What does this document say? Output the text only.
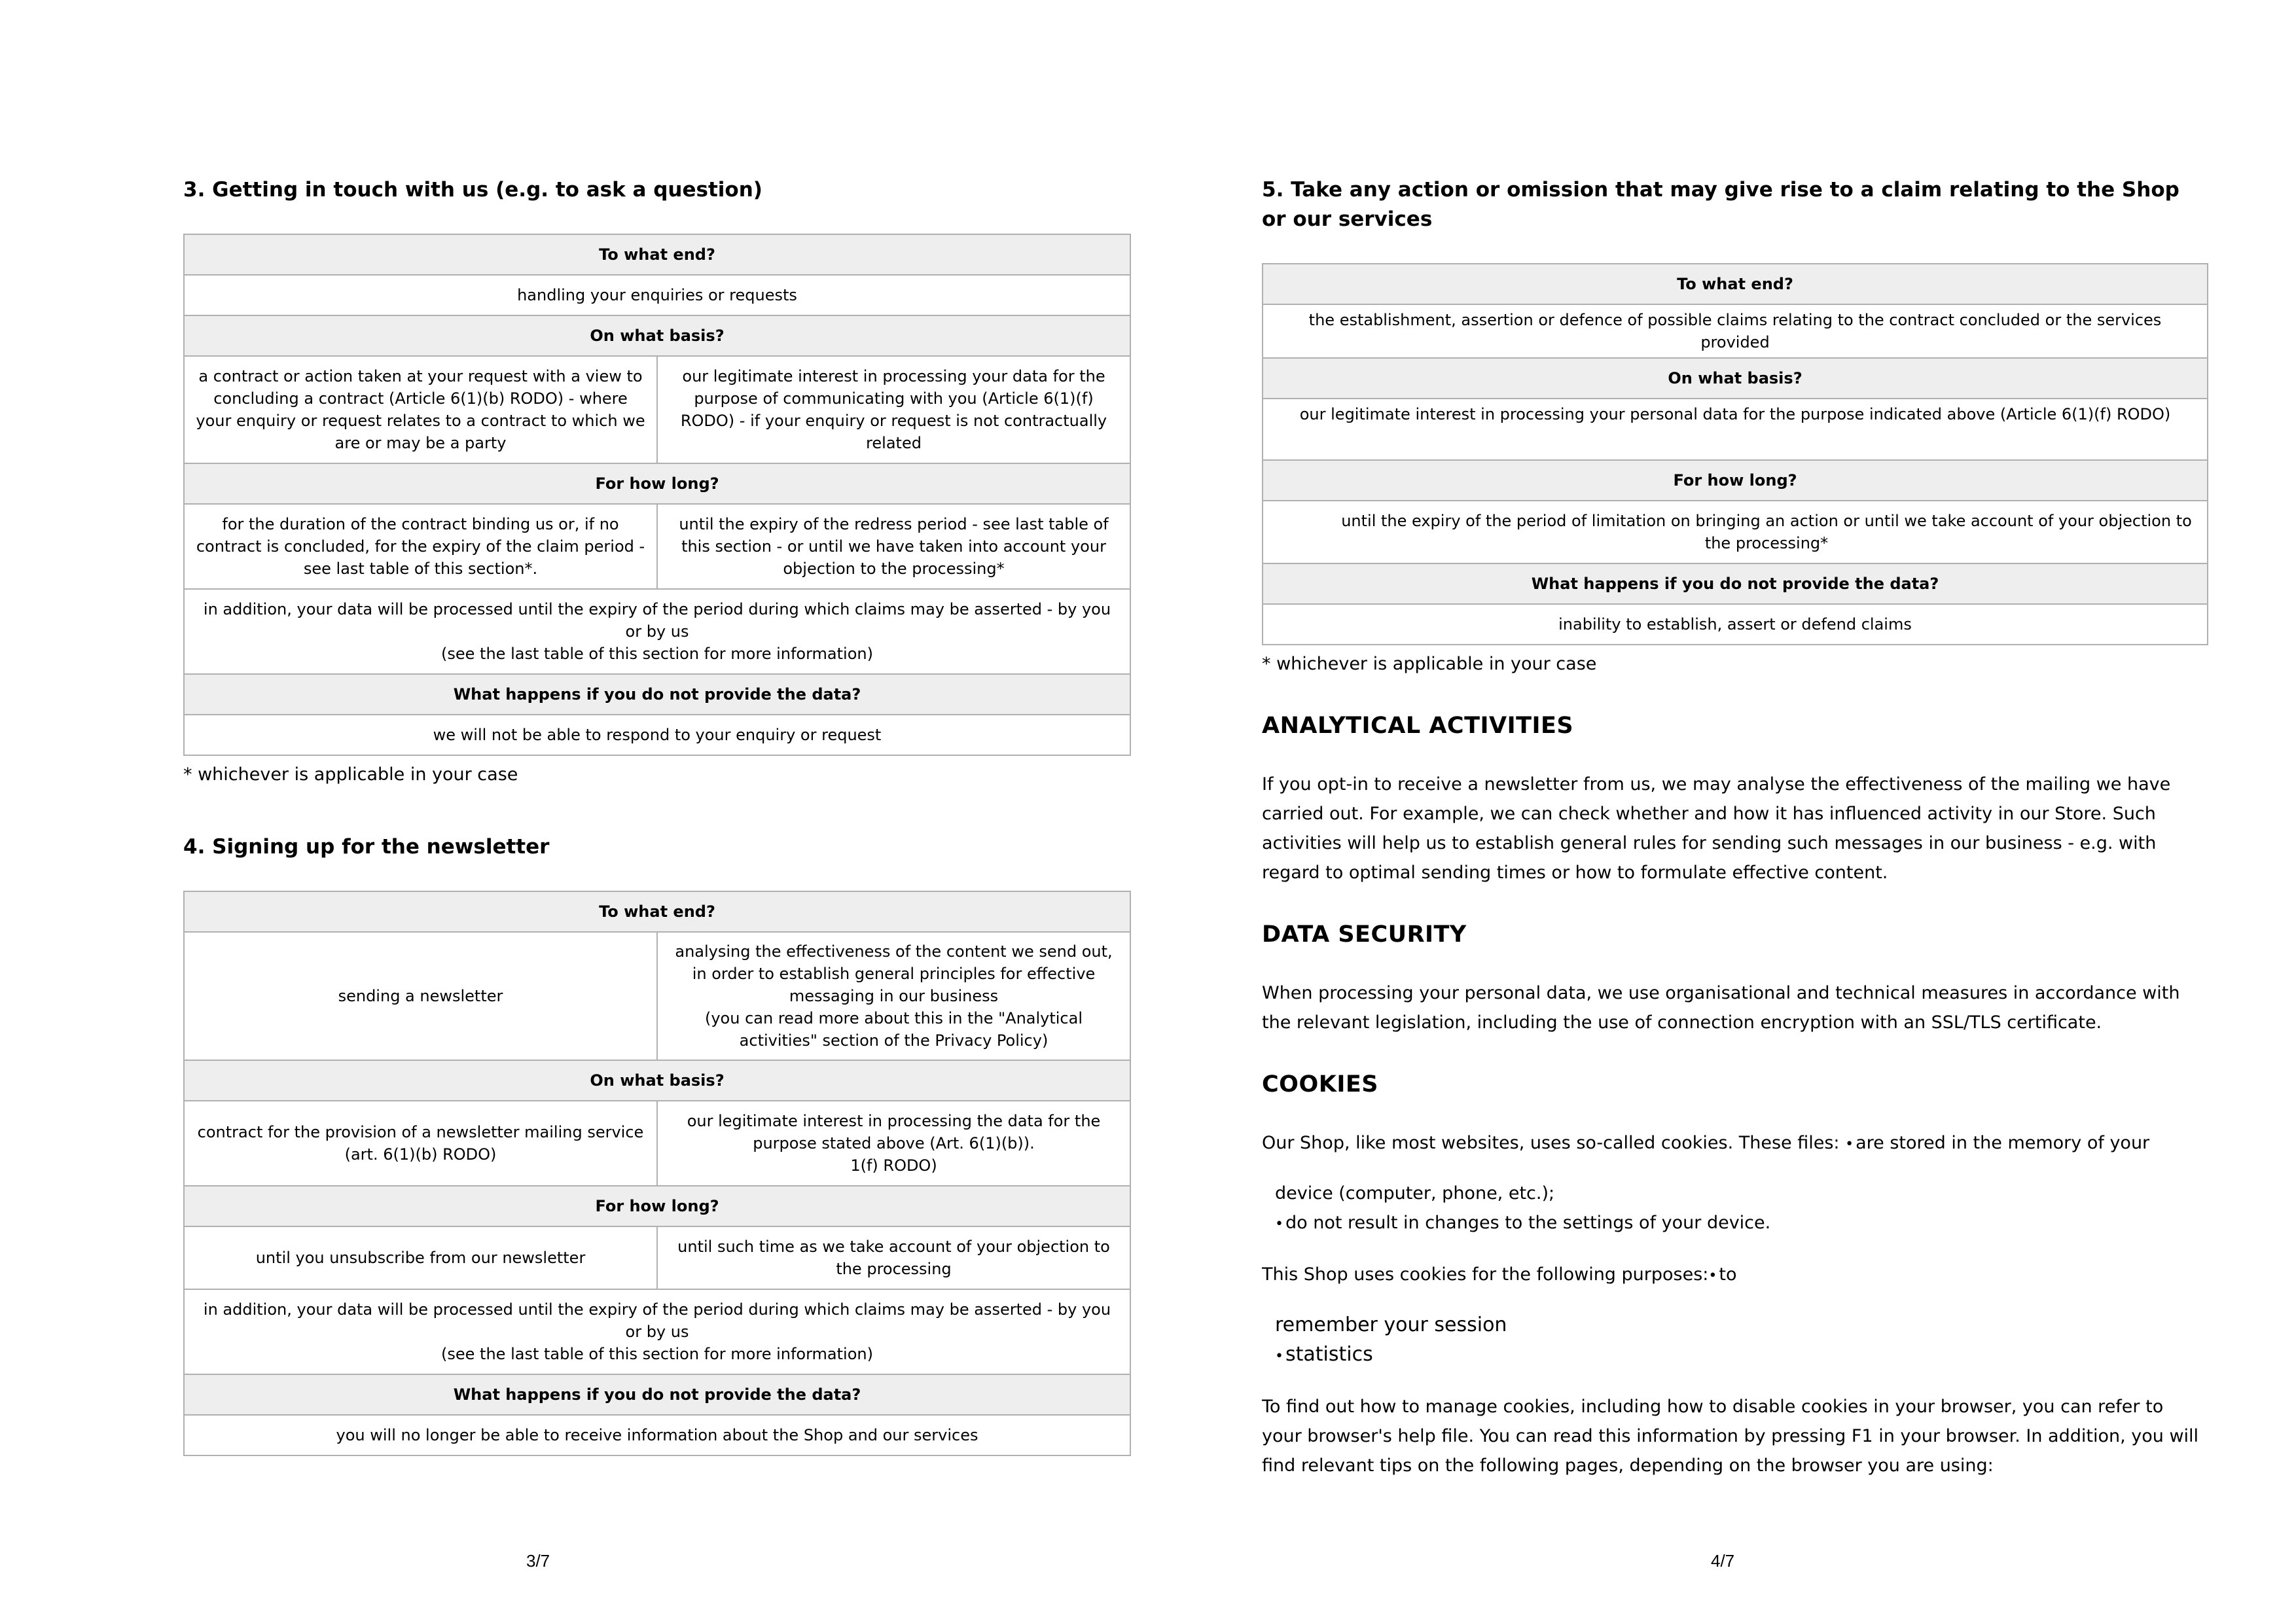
3. Getting in touch with us (e.g. to ask a question)
To what end?	
handling your enquiries or requests	
On what basis?	
a contract or action taken at your request with a view to concluding a contract (Article 6(1)(b) RODO) - where your enquiry or request relates to a contract to which we are or may be a party	our legitimate interest in processing your data for the purpose of communicating with you (Article 6(1)(f) RODO) - if your enquiry or request is not contractually related
For how long?	
for the duration of the contract binding us or, if no contract is concluded, for the expiry of the claim period - see last table of this section*.	until the expiry of the redress period - see last table of this section - or until we have taken into account your objection to the processing*
in addition, your data will be processed until the expiry of the period during which claims may be asserted - by you or by us
(see the last table of this section for more information)	
What happens if you do not provide the data?	
we will not be able to respond to your enquiry or request	
* whichever is applicable in your case
4. Signing up for the newsletter
To what end?	
sending a newsletter	analysing the effectiveness of the content we send out, in order to establish general principles for effective messaging in our business
(you can read more about this in the "Analytical activities" section of the Privacy Policy)
On what basis?	
contract for the provision of a newsletter mailing service (art. 6(1)(b) RODO)	our legitimate interest in processing the data for the purpose stated above (Art. 6(1)(b)).
1(f) RODO)
For how long?	
until you unsubscribe from our newsletter	until such time as we take account of your objection to the processing
in addition, your data will be processed until the expiry of the period during which claims may be asserted - by you or by us
(see the last table of this section for more information)	
What happens if you do not provide the data?	
you will no longer be able to receive information about the Shop and our services	
3/7
5. Take any action or omission that may give rise to a claim relating to the Shop or our services
To what end?
the establishment, assertion or defence of possible claims relating to the contract concluded or the services provided
On what basis?
our legitimate interest in processing your personal data for the purpose indicated above (Article 6(1)(f) RODO)
For how long?
until the expiry of the period of limitation on bringing an action or until we take account of your objection to the processing*
What happens if you do not provide the data?
inability to establish, assert or defend claims
* whichever is applicable in your case
ANALYTICAL ACTIVITIES

If you opt-in to receive a newsletter from us, we may analyse the effectiveness of the mailing we have carried out. For example, we can check whether and how it has influenced activity in our Store. Such activities will help us to establish general rules for sending such messages in our business - e.g. with regard to optimal sending times or how to formulate effective content.

DATA SECURITY

When processing your personal data, we use organisational and technical measures in accordance with the relevant legislation, including the use of connection encryption with an SSL/TLS certificate.

COOKIES

Our Shop, like most websites, uses so-called cookies. These files: • are stored in the memory of your

device (computer, phone, etc.);

• do not result in changes to the settings of your device.

This Shop uses cookies for the following purposes:• to

remember your session

• statistics

To find out how to manage cookies, including how to disable cookies in your browser, you can refer to your browser's help file. You can read this information by pressing F1 in your browser. In addition, you will find relevant tips on the following pages, depending on the browser you are using:

4/7
